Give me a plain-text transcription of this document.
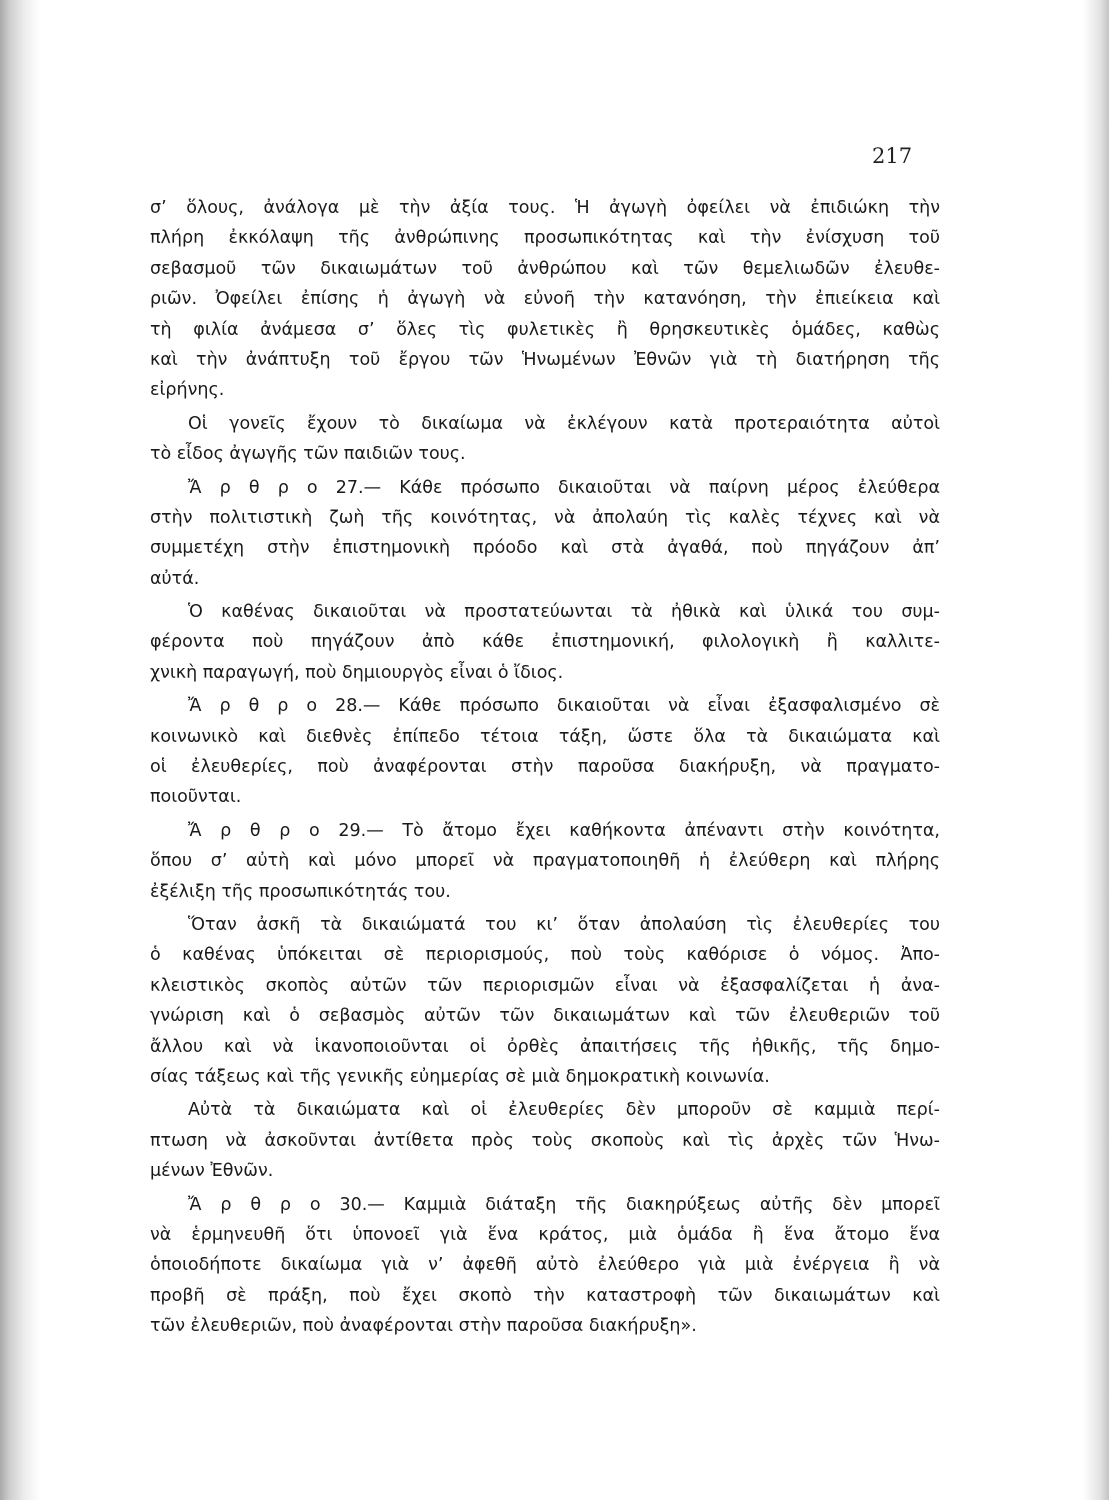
217
σ’ ὅλους, ἀνάλογα μὲ τὴν ἀξία τους. Ἡ ἀγωγὴ ὀφείλει νὰ ἐπιδιώκη τὴν
πλήρη ἐκκόλαψη τῆς ἀνθρώπινης προσωπικότητας καὶ τὴν ἐνίσχυση τοῦ
σεβασμοῦ τῶν δικαιωμάτων τοῦ ἀνθρώπου καὶ τῶν θεμελιωδῶν ἐλευθε-
ριῶν. Ὀφείλει ἐπίσης ἡ ἀγωγὴ νὰ εὐνοῆ τὴν κατανόηση, τὴν ἐπιείκεια καὶ
τὴ φιλία ἀνάμεσα σ’ ὅλες τὶς φυλετικὲς ἢ θρησκευτικὲς ὁμάδες, καθὼς
καὶ τὴν ἀνάπτυξη τοῦ ἔργου τῶν Ἡνωμένων Ἐθνῶν γιὰ τὴ διατήρηση τῆς
εἰρήνης.
Οἱ γονεῖς ἔχουν τὸ δικαίωμα νὰ ἐκλέγουν κατὰ προτεραιότητα αὐτοὶ
τὸ εἶδος ἀγωγῆς τῶν παιδιῶν τους.
Ἄ ρ θ ρ ο 27.— Κάθε πρόσωπο δικαιοῦται νὰ παίρνη μέρος ἐλεύθερα
στὴν πολιτιστικὴ ζωὴ τῆς κοινότητας, νὰ ἀπολαύη τὶς καλὲς τέχνες καὶ νὰ
συμμετέχη στὴν ἐπιστημονικὴ πρόοδο καὶ στὰ ἀγαθά, ποὺ πηγάζουν ἀπ’
αὐτά.
Ὁ καθένας δικαιοῦται νὰ προστατεύωνται τὰ ἠθικὰ καὶ ὑλικά του συμ-
φέροντα ποὺ πηγάζουν ἀπὸ κάθε ἐπιστημονική, φιλολογικὴ ἢ καλλιτε-
χνικὴ παραγωγή, ποὺ δημιουργὸς εἶναι ὁ ἴδιος.
Ἄ ρ θ ρ ο 28.— Κάθε πρόσωπο δικαιοῦται νὰ εἶναι ἐξασφαλισμένο σὲ
κοινωνικὸ καὶ διεθνὲς ἐπίπεδο τέτοια τάξη, ὥστε ὅλα τὰ δικαιώματα καὶ
οἱ ἐλευθερίες, ποὺ ἀναφέρονται στὴν παροῦσα διακήρυξη, νὰ πραγματο-
ποιοῦνται.
Ἄ ρ θ ρ ο 29.— Τὸ ἄτομο ἔχει καθήκοντα ἀπέναντι στὴν κοινότητα,
ὅπου σ’ αὐτὴ καὶ μόνο μπορεῖ νὰ πραγματοποιηθῆ ἡ ἐλεύθερη καὶ πλήρης
ἐξέλιξη τῆς προσωπικότητάς του.
Ὅταν ἀσκῆ τὰ δικαιώματά του κι’ ὅταν ἀπολαύση τὶς ἐλευθερίες του
ὁ καθένας ὑπόκειται σὲ περιορισμούς, ποὺ τοὺς καθόρισε ὁ νόμος. Ἀπο-
κλειστικὸς σκοπὸς αὐτῶν τῶν περιορισμῶν εἶναι νὰ ἐξασφαλίζεται ἡ ἀνα-
γνώριση καὶ ὁ σεβασμὸς αὐτῶν τῶν δικαιωμάτων καὶ τῶν ἐλευθεριῶν τοῦ
ἄλλου καὶ νὰ ἱκανοποιοῦνται οἱ ὀρθὲς ἀπαιτήσεις τῆς ἠθικῆς, τῆς δημο-
σίας τάξεως καὶ τῆς γενικῆς εὐημερίας σὲ μιὰ δημοκρατικὴ κοινωνία.
Αὐτὰ τὰ δικαιώματα καὶ οἱ ἐλευθερίες δὲν μποροῦν σὲ καμμιὰ περί-
πτωση νὰ ἀσκοῦνται ἀντίθετα πρὸς τοὺς σκοποὺς καὶ τὶς ἀρχὲς τῶν Ἡνω-
μένων Ἐθνῶν.
Ἄ ρ θ ρ ο 30.— Καμμιὰ διάταξη τῆς διακηρύξεως αὐτῆς δὲν μπορεῖ
νὰ ἑρμηνευθῆ ὅτι ὑπονοεῖ γιὰ ἕνα κράτος, μιὰ ὁμάδα ἢ ἕνα ἄτομο ἕνα
ὁποιοδήποτε δικαίωμα γιὰ ν’ ἀφεθῆ αὐτὸ ἐλεύθερο γιὰ μιὰ ἐνέργεια ἢ νὰ
προβῆ σὲ πράξη, ποὺ ἔχει σκοπὸ τὴν καταστροφὴ τῶν δικαιωμάτων καὶ
τῶν ἐλευθεριῶν, ποὺ ἀναφέρονται στὴν παροῦσα διακήρυξη».
